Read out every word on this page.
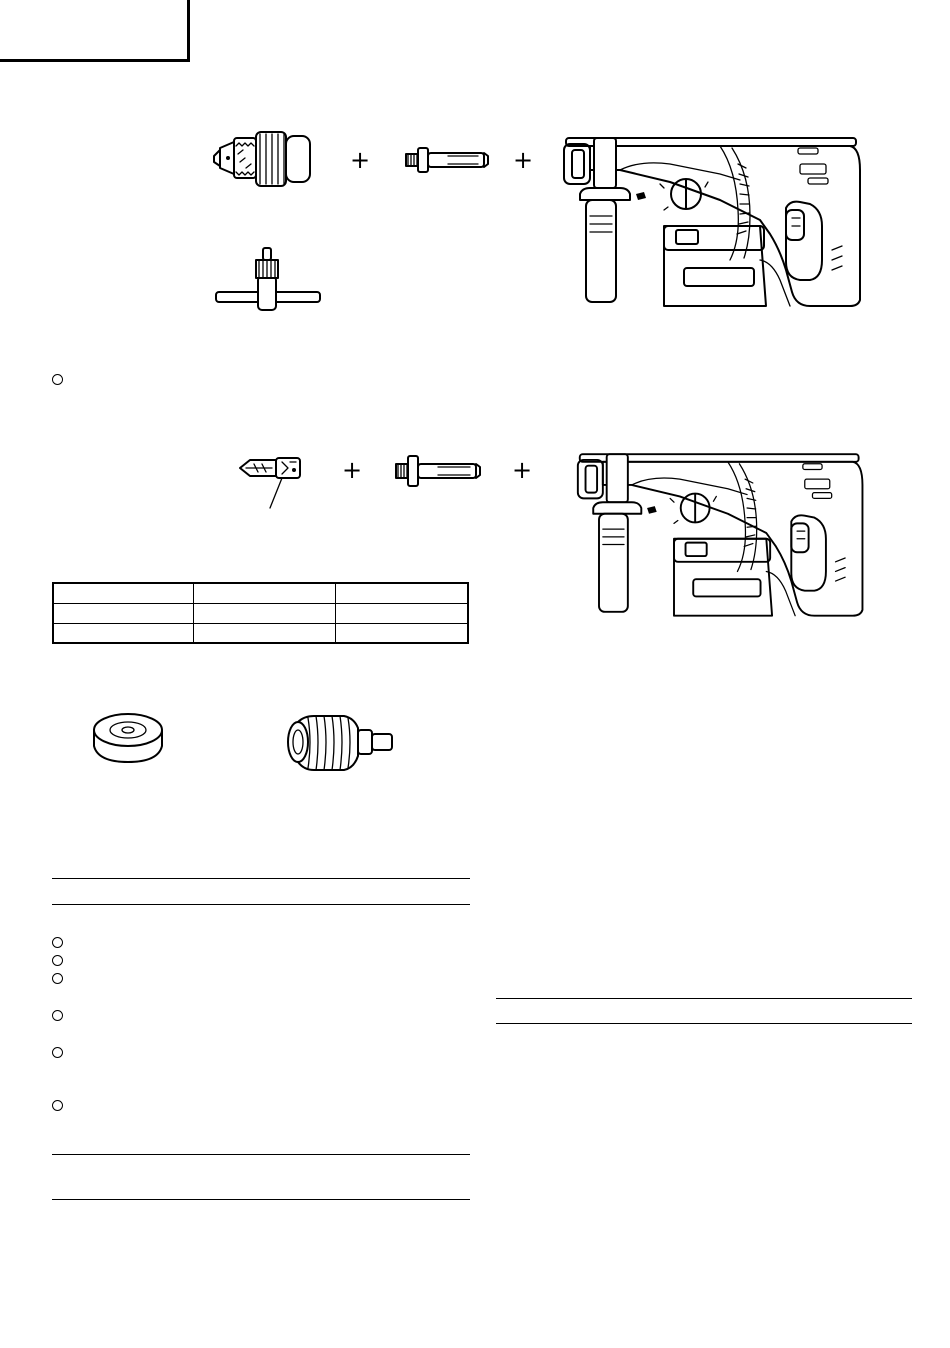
+	+
+	+
